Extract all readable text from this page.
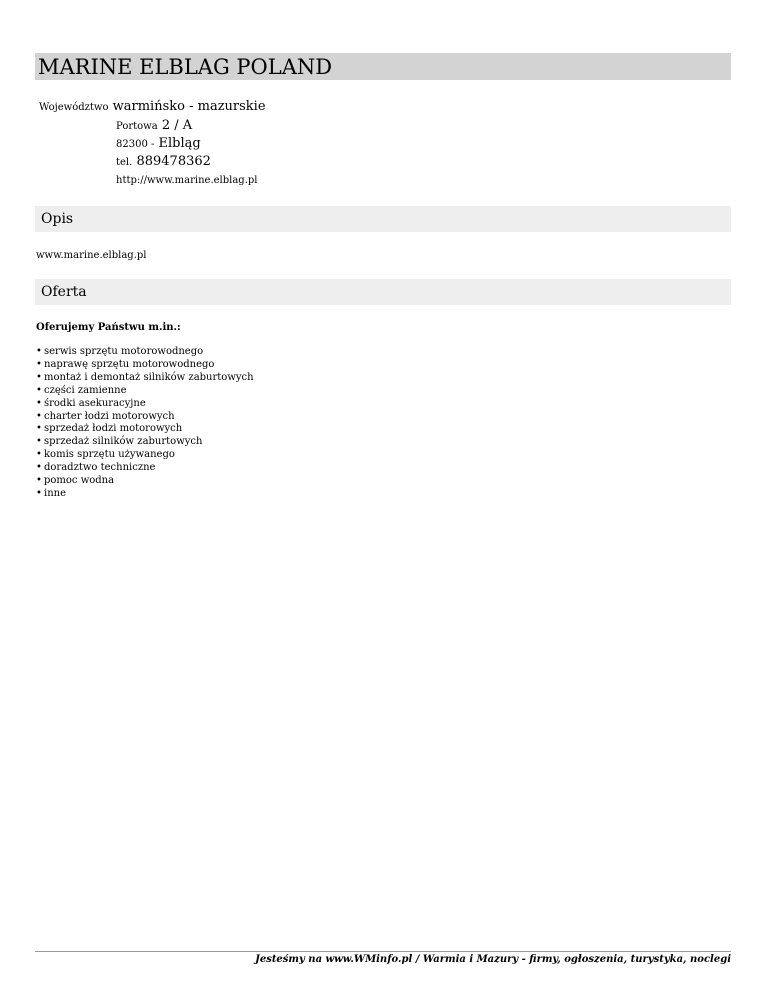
MARINE ELBLAG POLAND
Województwo warmińsko - mazurskie
Portowa 2 / A
82300 - Elbląg
tel. 889478362
http://www.marine.elblag.pl
Opis
www.marine.elblag.pl
Oferta
Oferujemy Państwu m.in.:
• serwis sprzętu motorowodnego
• naprawę sprzętu motorowodnego
• montaż i demontaż silników zaburtowych
• części zamienne
• środki asekuracyjne
• charter łodzi motorowych
• sprzedaż łodzi motorowych
• sprzedaż silników zaburtowych
• komis sprzętu używanego
• doradztwo techniczne
• pomoc wodna
• inne
Jesteśmy na www.WMinfo.pl / Warmia i Mazury - firmy, ogłoszenia, turystyka, noclegi
